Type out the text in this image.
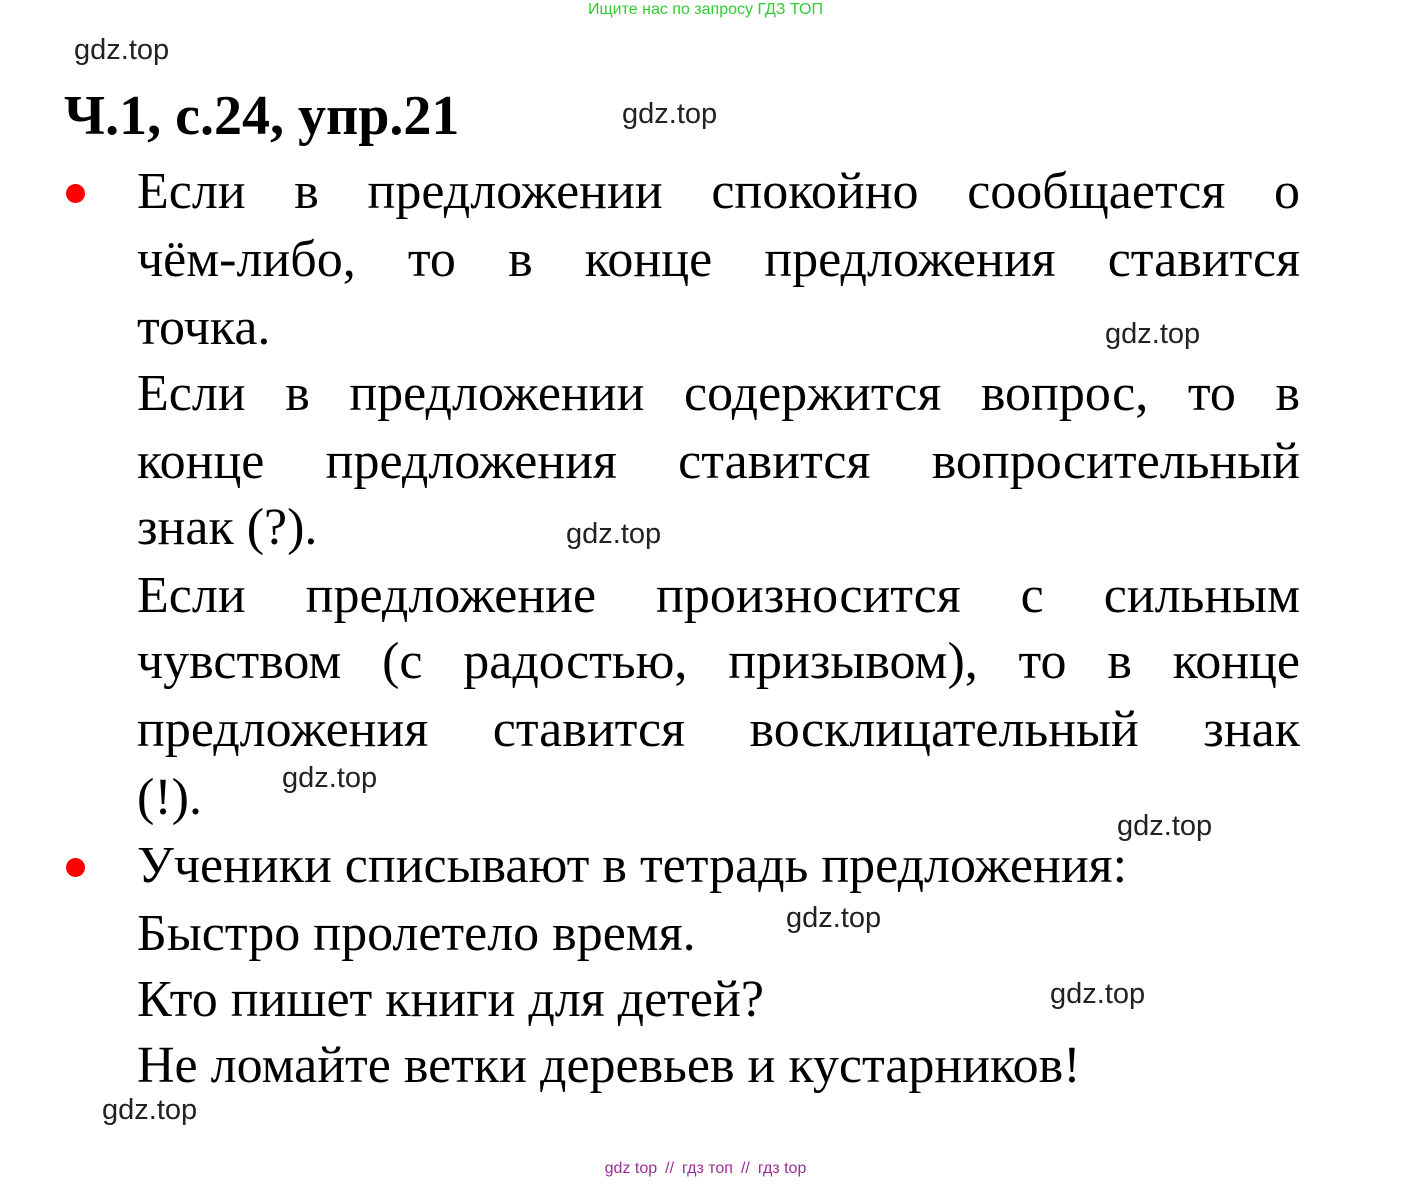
Ищите нас по запросу ГДЗ ТОП
gdz.top
Ч.1, с.24, упр.21	gdz.top
Если в предложении спокойно сообщается о
чём-либо, то в конце предложения ставится
точка.
Если в предложении содержится вопрос, то в
конце предложения ставится вопросительный
знак (?).
Если предложение произносится с сильным
чувством (с радостью, призывом), то в конце
предложения ставится восклицательный знак
(!).
Ученики списывают в тетрадь предложения:
Быстро пролетело время.
Кто пишет книги для детей?
Не ломайте ветки деревьев и кустарников!
gdz.top
gdz.top
gdz.top
gdz.top
gdz.top
gdz.top
gdz.top
gdz top // гдз топ // гдз top
